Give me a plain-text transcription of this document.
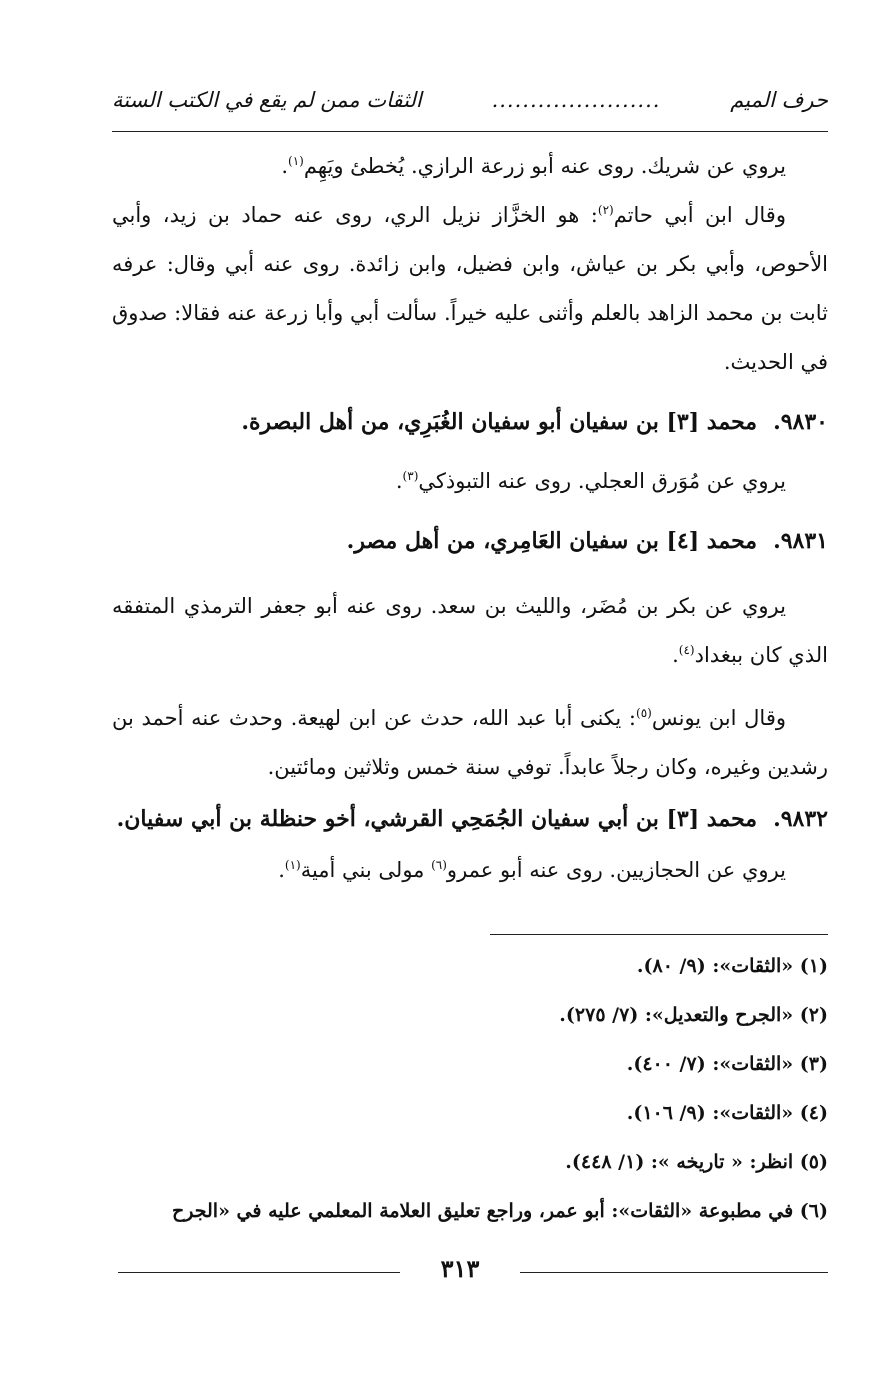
حرف الميم
......................
الثقات ممن لم يقع في الكتب الستة

يروي عن شريك. روى عنه أبو زرعة الرازي. يُخطئ ويَهِم$^{(١)}$.

وقال ابن أبي حاتم$^{(٢)}$: هو الخزَّاز نزيل الري، روى عنه حماد بن زيد، وأبي الأحوص، وأبي بكر بن عياش، وابن فضيل، وابن زائدة. روى عنه أبي وقال: عرفه ثابت بن محمد الزاهد بالعلم وأثنى عليه خيراً. سألت أبي وأبا زرعة عنه فقالا: صدوق في الحديث.

٩٨٣٠.محمد [٣] بن سفيان أبو سفيان الغُبَرِي، من أهل البصرة.

يروي عن مُوَرق العجلي. روى عنه التبوذكي$^{(٣)}$.

٩٨٣١.محمد [٤] بن سفيان العَامِري، من أهل مصر.

يروي عن بكر بن مُضَر، والليث بن سعد. روى عنه أبو جعفر الترمذي المتفقه الذي كان ببغداد$^{(٤)}$.

وقال ابن يونس$^{(٥)}$: يكنى أبا عبد الله، حدث عن ابن لهيعة. وحدث عنه أحمد بن رشدين وغيره، وكان رجلاً عابداً. توفي سنة خمس وثلاثين ومائتين.

٩٨٣٢.محمد [٣] بن أبي سفيان الجُمَحِي القرشي، أخو حنظلة بن أبي سفيان.

يروي عن الحجازيين. روى عنه أبو عمرو$^{(٦)}$ مولى بني أمية$^{(١)}$.

(١) «الثقات»: (٩/ ٨٠).

(٢) «الجرح والتعديل»: (٧/ ٢٧٥).

(٣) «الثقات»: (٧/ ٤٠٠).

(٤) «الثقات»: (٩/ ١٠٦).

(٥) انظر: « تاريخه »: (١/ ٤٤٨).

(٦) في مطبوعة «الثقات»: أبو عمر، وراجع تعليق العلامة المعلمي عليه في «الجرح

٣١٣
